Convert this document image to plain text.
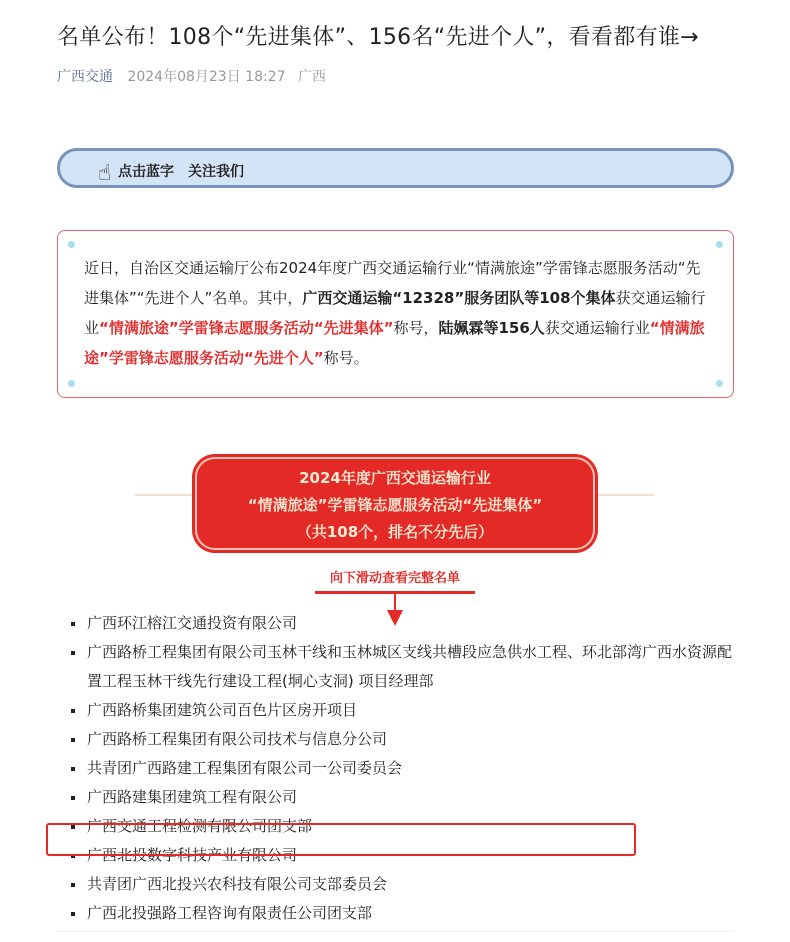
名单公布！108个“先进集体”、156名“先进个人”，看看都有谁→
广西交通 2024年08月23日 18:27 广西
☝ 点击蓝字　关注我们

近日，自治区交通运输厅公布2024年度广西交通运输行业“情满旅途”学雷锋志愿服务活动“先进集体”“先进个人”名单。其中，广西交通运输“12328”服务团队等108个集体获交通运输行业“情满旅途”学雷锋志愿服务活动“先进集体”称号，陆姵霖等156人获交通运输行业“情满旅途”学雷锋志愿服务活动“先进个人”称号。

2024年度广西交通运输行业
“情满旅途”学雷锋志愿服务活动“先进集体”
（共108个，排名不分先后）
向下滑动查看完整名单
广西环江榕江交通投资有限公司
广西路桥工程集团有限公司玉林干线和玉林城区支线共槽段应急供水工程、环北部湾广西水资源配置工程玉林干线先行建设工程(垌心支洞) 项目经理部
广西路桥集团建筑公司百色片区房开项目
广西路桥工程集团有限公司技术与信息分公司
共青团广西路建工程集团有限公司一公司委员会
广西路建集团建筑工程有限公司
广西交通工程检测有限公司团支部
广西北投数字科技产业有限公司
共青团广西北投兴农科技有限公司支部委员会
广西北投强路工程咨询有限责任公司团支部
